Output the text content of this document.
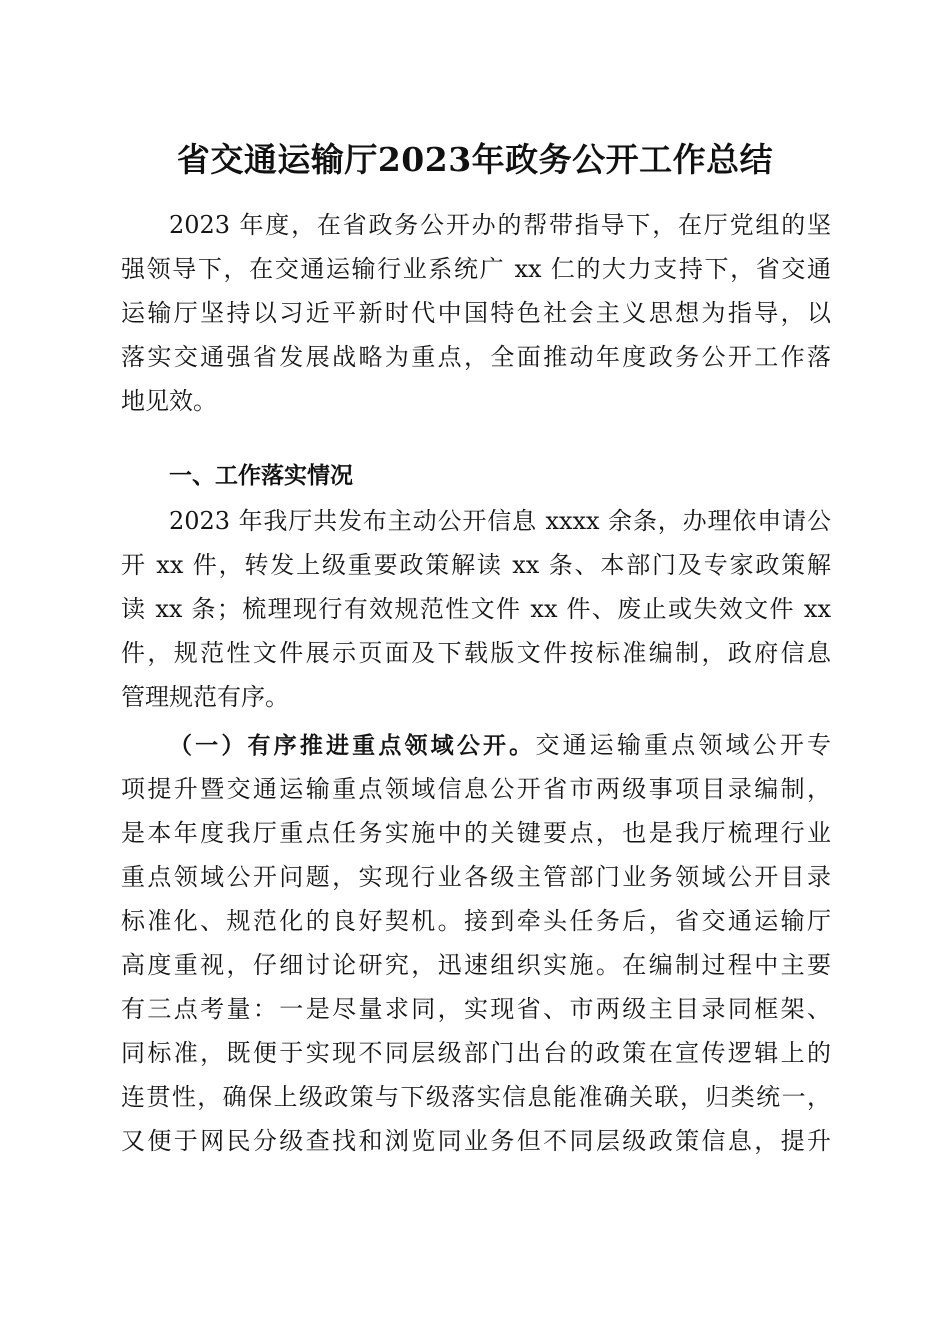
省交通运输厅2023年政务公开工作总结
2023 年度，在省政务公开办的帮带指导下，在厅党组的坚
强领导下，在交通运输行业系统广 xx 仁的大力支持下，省交通
运输厅坚持以习近平新时代中国特色社会主义思想为指导，以
落实交通强省发展战略为重点，全面推动年度政务公开工作落
地见效。
一、工作落实情况
2023 年我厅共发布主动公开信息 xxxx 余条，办理依申请公
开 xx 件，转发上级重要政策解读 xx 条、本部门及专家政策解
读 xx 条；梳理现行有效规范性文件 xx 件、废止或失效文件 xx
件，规范性文件展示页面及下载版文件按标准编制，政府信息
管理规范有序。
（一）有序推进重点领域公开。交通运输重点领域公开专
项提升暨交通运输重点领域信息公开省市两级事项目录编制，
是本年度我厅重点任务实施中的关键要点，也是我厅梳理行业
重点领域公开问题，实现行业各级主管部门业务领域公开目录
标准化、规范化的良好契机。接到牵头任务后，省交通运输厅
高度重视，仔细讨论研究，迅速组织实施。在编制过程中主要
有三点考量：一是尽量求同，实现省、市两级主目录同框架、
同标准，既便于实现不同层级部门出台的政策在宣传逻辑上的
连贯性，确保上级政策与下级落实信息能准确关联，归类统一，
又便于网民分级查找和浏览同业务但不同层级政策信息，提升
